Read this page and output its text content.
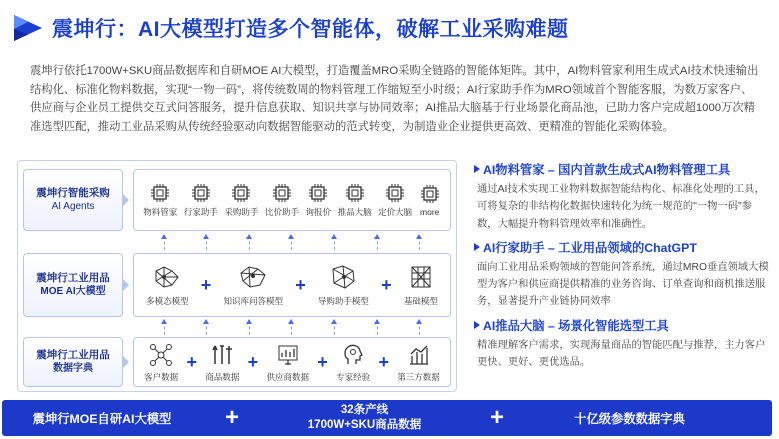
震坤行：AI大模型打造多个智能体，破解工业采购难题
震坤行依托1700W+SKU商品数据库和自研MOE AI大模型，打造覆盖MRO采购全链路的智能体矩阵。其中，AI物料管家利用生成式AI技术快速输出结构化、标准化物料数据，实现“一物一码”，将传统数周的物料管理工作缩短至小时级；AI行家助手作为MRO领域首个智能客服，为数万家客户、供应商与企业员工提供交互式问答服务，提升信息获取、知识共享与协同效率；AI推品大脑基于行业场景化商品池，已助力客户完成超1000万次精准选型匹配，推动工业品采购从传统经验驱动向数据智能驱动的范式转变，为制造业企业提供更高效、更精准的智能化采购体验。
震坤行智能采购
AI Agents	物料管家 行家助手 采购助手 比价助手 询报价 推品大脑 定价大脑 more
震坤行工业用品
MOE AI大模型
多模态模型
+
知识库问答模型
+
导购助手模型
+
基础模型
震坤行工业用品
数据字典
客户数据
+
商品数据
+
供应商数据
+
专家经验
+
第三方数据
AI物料管家 – 国内首款生成式AI物料管理工具
通过AI技术实现工业物料数据智能结构化、标准化处理的工具，可将复杂的非结构化数据快速转化为统一规范的"一物一码"参数，大幅提升物料管理效率和准确性。
AI行家助手 – 工业用品领域的ChatGPT
面向工业用品采购领域的智能问答系统，通过MRO垂直领域大模型为客户和供应商提供精准的业务咨询、订单查询和商机推送服务，显著提升产业链协同效率
AI推品大脑 – 场景化智能选型工具
精准理解客户需求，实现海量商品的智能匹配与推荐，主力客户更快、更好、更优选品。
震坤行MOE自研AI大模型	+	32条产线
1700W+SKU商品数据	+	十亿级参数数据字典
